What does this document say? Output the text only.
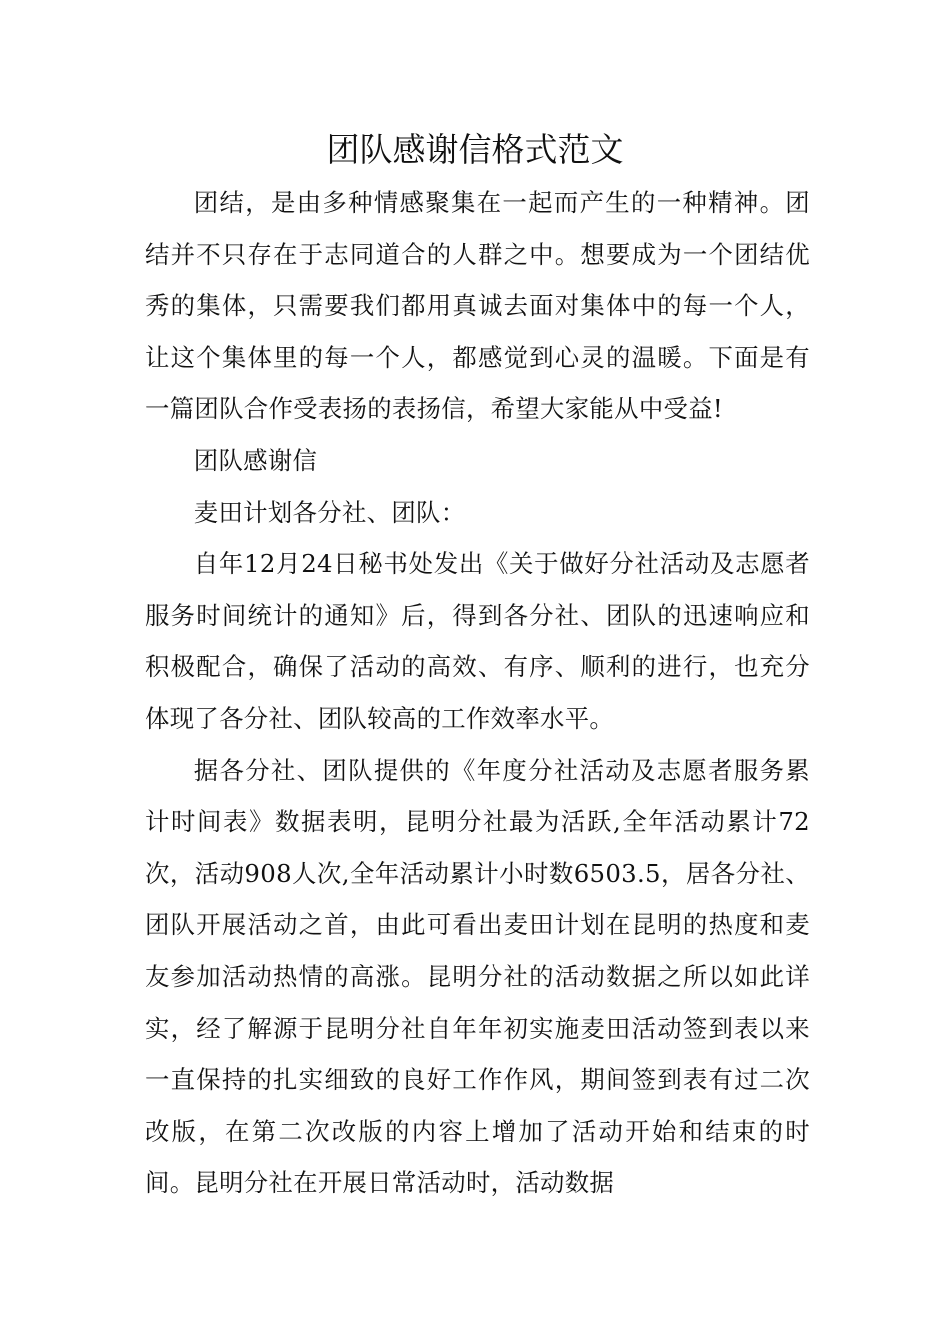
团队感谢信格式范文

团结，是由多种情感聚集在一起而产生的一种精神。团结并不只存在于志同道合的人群之中。想要成为一个团结优秀的集体，只需要我们都用真诚去面对集体中的每一个人，让这个集体里的每一个人，都感觉到心灵的温暖。下面是有一篇团队合作受表扬的表扬信，希望大家能从中受益!

团队感谢信

麦田计划各分社、团队：

自年12月24日秘书处发出《关于做好分社活动及志愿者服务时间统计的通知》后，得到各分社、团队的迅速响应和积极配合，确保了活动的高效、有序、顺利的进行，也充分体现了各分社、团队较高的工作效率水平。

据各分社、团队提供的《年度分社活动及志愿者服务累计时间表》数据表明，昆明分社最为活跃,全年活动累计72次，活动908人次,全年活动累计小时数6503.5，居各分社、团队开展活动之首，由此可看出麦田计划在昆明的热度和麦友参加活动热情的高涨。昆明分社的活动数据之所以如此详实，经了解源于昆明分社自年年初实施麦田活动签到表以来一直保持的扎实细致的良好工作作风，期间签到表有过二次改版，在第二次改版的内容上增加了活动开始和结束的时间。昆明分社在开展日常活动时，活动数据
